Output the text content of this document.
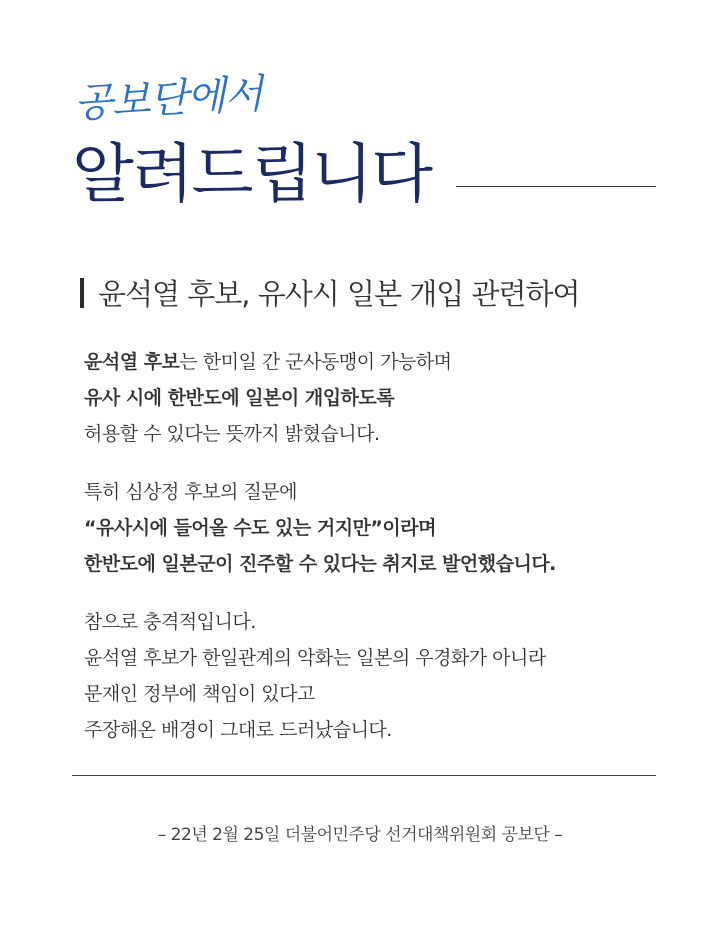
공보단에서
알려드립니다
윤석열 후보, 유사시 일본 개입 관련하여

윤석열 후보는 한미일 간 군사동맹이 가능하며
유사 시에 한반도에 일본이 개입하도록
허용할 수 있다는 뜻까지 밝혔습니다.

특히 심상정 후보의 질문에
“유사시에 들어올 수도 있는 거지만”이라며
한반도에 일본군이 진주할 수 있다는 취지로 발언했습니다.

참으로 충격적입니다.
윤석열 후보가 한일관계의 악화는 일본의 우경화가 아니라
문재인 정부에 책임이 있다고
주장해온 배경이 그대로 드러났습니다.

– 22년 2월 25일 더불어민주당 선거대책위원회 공보단 –
